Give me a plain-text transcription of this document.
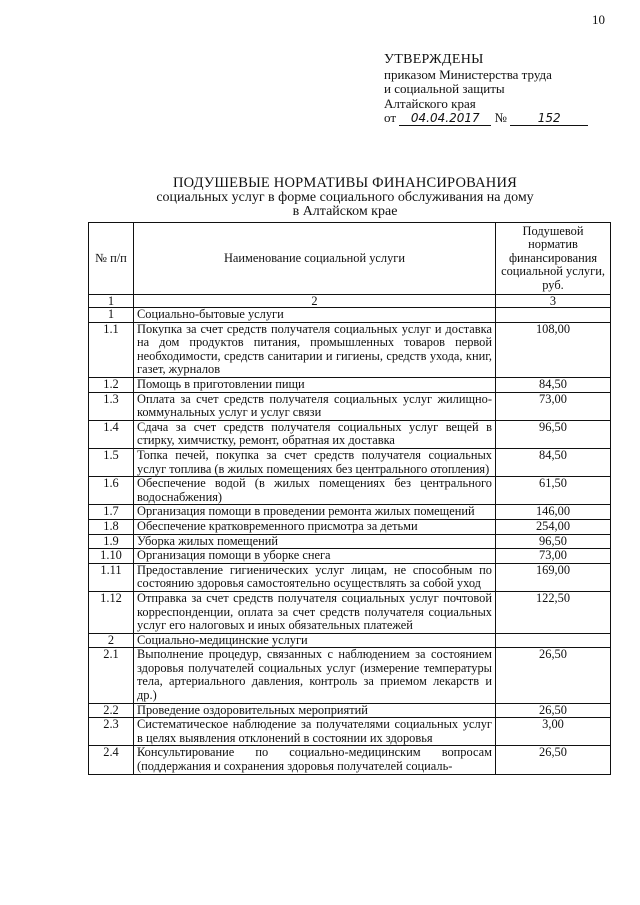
10
УТВЕРЖДЕНЫ
приказом Министерства труда
и социальной защиты
Алтайского края
от 04.04.2017 №	152
ПОДУШЕВЫЕ НОРМАТИВЫ ФИНАНСИРОВАНИЯ
социальных услуг в форме социального обслуживания на дому
в Алтайском крае
№ п/п	Наименование социальной услуги	Подушевой норматив финансирования социальной услуги, руб.
1	2	3
1	Социально-бытовые услуги	
1.1	Покупка за счет средств получателя социальных услуг и доставка на дом продуктов питания, промышленных товаров первой необходимости, средств санитарии и гигиены, средств ухода, книг, газет, журналов	108,00
1.2	Помощь в приготовлении пищи	84,50
1.3	Оплата за счет средств получателя социальных услуг жилищно-коммунальных услуг и услуг связи	73,00
1.4	Сдача за счет средств получателя социальных услуг вещей в стирку, химчистку, ремонт, обратная их доставка	96,50
1.5	Топка печей, покупка за счет средств получателя социальных услуг топлива (в жилых помещениях без центрального отопления)	84,50
1.6	Обеспечение водой (в жилых помещениях без центрального водоснабжения)	61,50
1.7	Организация помощи в проведении ремонта жилых помещений	146,00
1.8	Обеспечение кратковременного присмотра за детьми	254,00
1.9	Уборка жилых помещений	96,50
1.10	Организация помощи в уборке снега	73,00
1.11	Предоставление гигиенических услуг лицам, не способным по состоянию здоровья самостоятельно осуществлять за собой уход	169,00
1.12	Отправка за счет средств получателя социальных услуг почтовой корреспонденции, оплата за счет средств получателя социальных услуг его налоговых и иных обязательных платежей	122,50
2	Социально-медицинские услуги	
2.1	Выполнение процедур, связанных с наблюдением за состоянием здоровья получателей социальных услуг (измерение температуры тела, артериального давления, контроль за приемом лекарств и др.)	26,50
2.2	Проведение оздоровительных мероприятий	26,50
2.3	Систематическое наблюдение за получателями социальных услуг в целях выявления отклонений в состоянии их здоровья	3,00
2.4	Консультирование по социально-медицинским вопросам (поддержания и сохранения здоровья получателей социаль-	26,50
